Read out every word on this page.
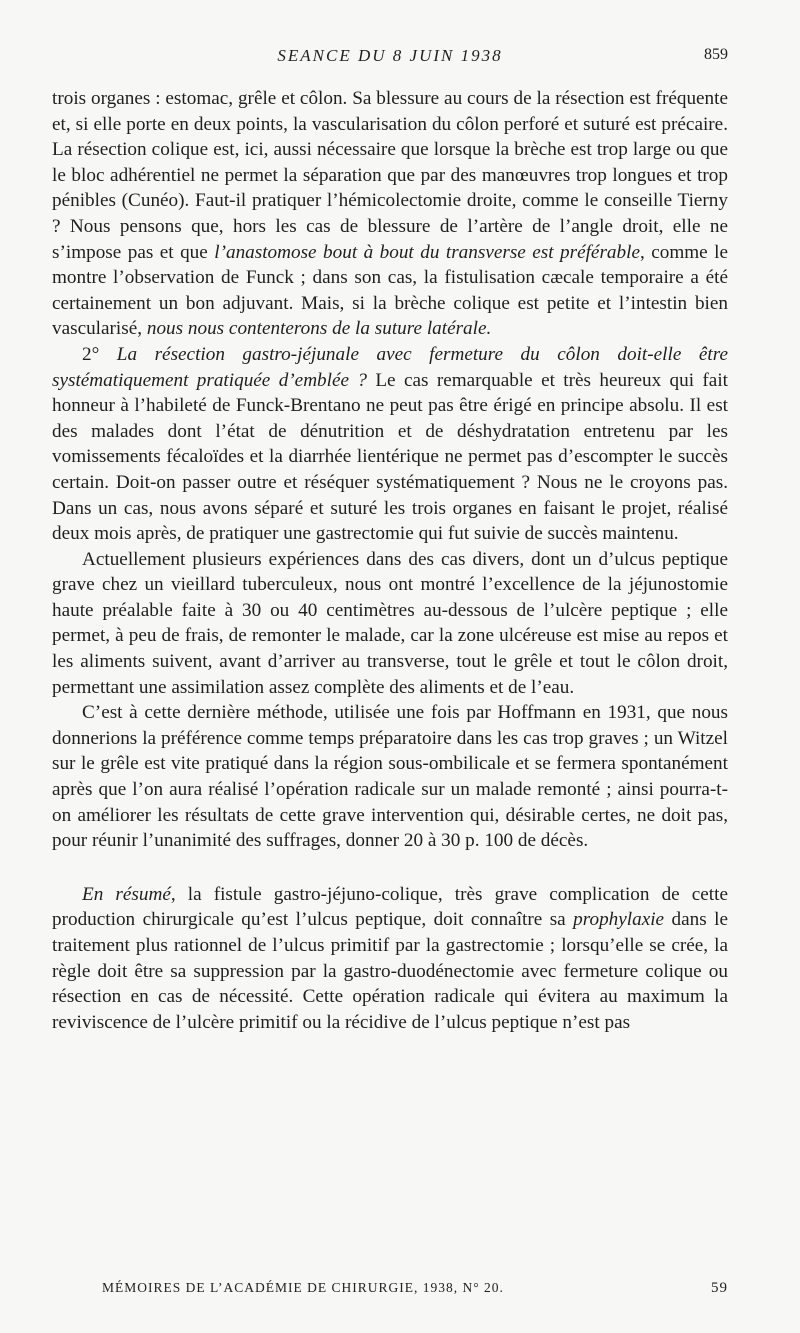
SEANCE DU 8 JUIN 1938	859

trois organes : estomac, grêle et côlon. Sa blessure au cours de la résection est fréquente et, si elle porte en deux points, la vascularisation du côlon perforé et suturé est précaire. La résection colique est, ici, aussi nécessaire que lorsque la brèche est trop large ou que le bloc adhérentiel ne permet la séparation que par des manœuvres trop longues et trop pénibles (Cunéo). Faut-il pratiquer l’hémicolectomie droite, comme le conseille Tierny ? Nous pensons que, hors les cas de blessure de l’artère de l’angle droit, elle ne s’impose pas et que l’anastomose bout à bout du transverse est préférable, comme le montre l’observation de Funck ; dans son cas, la fistulisation cæcale temporaire a été certainement un bon adjuvant. Mais, si la brèche colique est petite et l’intestin bien vascularisé, nous nous contenterons de la suture latérale.

2° La résection gastro-jéjunale avec fermeture du côlon doit-elle être systématiquement pratiquée d’emblée ? Le cas remarquable et très heureux qui fait honneur à l’habileté de Funck-Brentano ne peut pas être érigé en principe absolu. Il est des malades dont l’état de dénutrition et de déshydratation entretenu par les vomissements fécaloïdes et la diarrhée lientérique ne permet pas d’escompter le succès certain. Doit-on passer outre et réséquer systématiquement ? Nous ne le croyons pas. Dans un cas, nous avons séparé et suturé les trois organes en faisant le projet, réalisé deux mois après, de pratiquer une gastrectomie qui fut suivie de succès maintenu.

Actuellement plusieurs expériences dans des cas divers, dont un d’ulcus peptique grave chez un vieillard tuberculeux, nous ont montré l’excellence de la jéjunostomie haute préalable faite à 30 ou 40 centimètres au-dessous de l’ulcère peptique ; elle permet, à peu de frais, de remonter le malade, car la zone ulcéreuse est mise au repos et les aliments suivent, avant d’arriver au transverse, tout le grêle et tout le côlon droit, permettant une assimilation assez complète des aliments et de l’eau.

C’est à cette dernière méthode, utilisée une fois par Hoffmann en 1931, que nous donnerions la préférence comme temps préparatoire dans les cas trop graves ; un Witzel sur le grêle est vite pratiqué dans la région sous-ombilicale et se fermera spontanément après que l’on aura réalisé l’opération radicale sur un malade remonté ; ainsi pourra-t-on améliorer les résultats de cette grave intervention qui, désirable certes, ne doit pas, pour réunir l’unanimité des suffrages, donner 20 à 30 p. 100 de décès.

En résumé, la fistule gastro-jéjuno-colique, très grave complication de cette production chirurgicale qu’est l’ulcus peptique, doit connaître sa prophylaxie dans le traitement plus rationnel de l’ulcus primitif par la gastrectomie ; lorsqu’elle se crée, la règle doit être sa suppression par la gastro-duodénectomie avec fermeture colique ou résection en cas de nécessité. Cette opération radicale qui évitera au maximum la reviviscence de l’ulcère primitif ou la récidive de l’ulcus peptique n’est pas

MÉMOIRES DE L’ACADÉMIE DE CHIRURGIE, 1938, N° 20.	59
